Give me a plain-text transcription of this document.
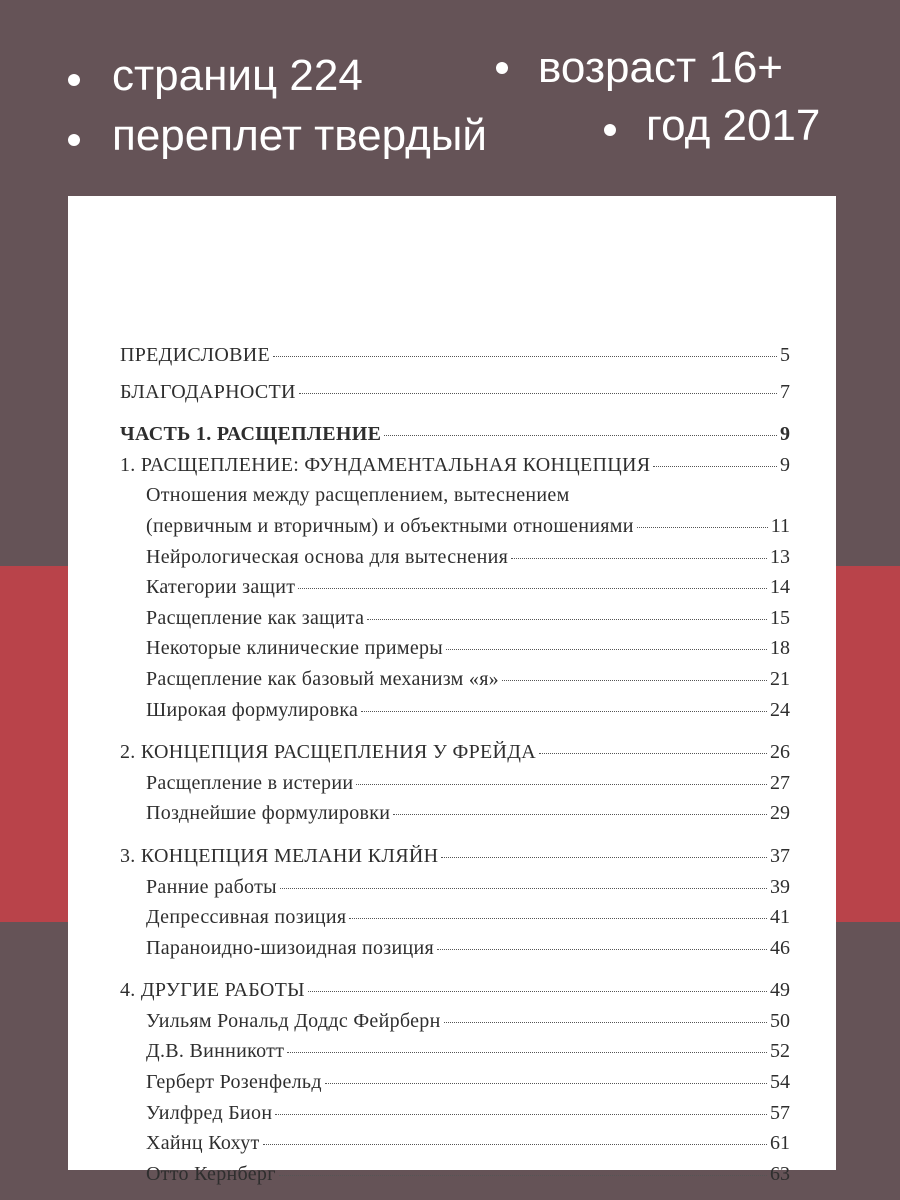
страниц 224
переплет твердый
возраст 16+
год 2017
ПРЕДИСЛОВИЕ	5
БЛАГОДАРНОСТИ	7
ЧАСТЬ 1. РАСЩЕПЛЕНИЕ	9
1. РАСЩЕПЛЕНИЕ: ФУНДАМЕНТАЛЬНАЯ КОНЦЕПЦИЯ	9
Отношения между расщеплением, вытеснением
(первичным и вторичным) и объектными отношениями	11
Нейрологическая основа для вытеснения	13
Категории защит	14
Расщепление как защита	15
Некоторые клинические примеры	18
Расщепление как базовый механизм «я»	21
Широкая формулировка	24
2. КОНЦЕПЦИЯ РАСЩЕПЛЕНИЯ У ФРЕЙДА	26
Расщепление в истерии	27
Позднейшие формулировки	29
3. КОНЦЕПЦИЯ МЕЛАНИ КЛЯЙН	37
Ранние работы	39
Депрессивная позиция	41
Параноидно-шизоидная позиция	46
4. ДРУГИЕ РАБОТЫ	49
Уильям Рональд Доддс Фейрберн	50
Д.В. Винникотт	52
Герберт Розенфельд	54
Уилфред Бион	57
Хайнц Кохут	61
Отто Кернберг	63
